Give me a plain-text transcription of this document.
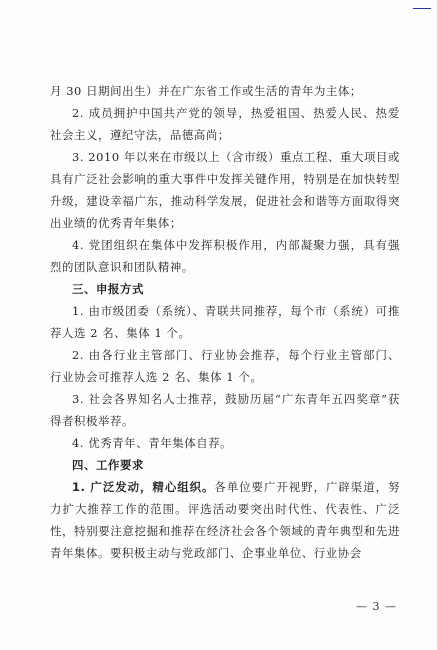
月 30 日期间出生）并在广东省工作或生活的青年为主体；

2. 成员拥护中国共产党的领导，热爱祖国、热爱人民、热爱社会主义，遵纪守法，品德高尚；

3. 2010 年以来在市级以上（含市级）重点工程、重大项目或具有广泛社会影响的重大事件中发挥关键作用，特别是在加快转型升级，建设幸福广东，推动科学发展，促进社会和谐等方面取得突出业绩的优秀青年集体；

4. 党团组织在集体中发挥积极作用，内部凝聚力强，具有强烈的团队意识和团队精神。

三、申报方式

1. 由市级团委（系统）、青联共同推荐，每个市（系统）可推荐人选 2 名、集体 1 个。

2. 由各行业主管部门、行业协会推荐，每个行业主管部门、行业协会可推荐人选 2 名、集体 1 个。

3. 社会各界知名人士推荐，鼓励历届“广东青年五四奖章”获得者积极举荐。

4. 优秀青年、青年集体自荐。

四、工作要求

1. 广泛发动，精心组织。各单位要广开视野，广辟渠道，努力扩大推荐工作的范围。评选活动要突出时代性、代表性、广泛性，特别要注意挖掘和推荐在经济社会各个领域的青年典型和先进青年集体。要积极主动与党政部门、企事业单位、行业协会

— 3 —
